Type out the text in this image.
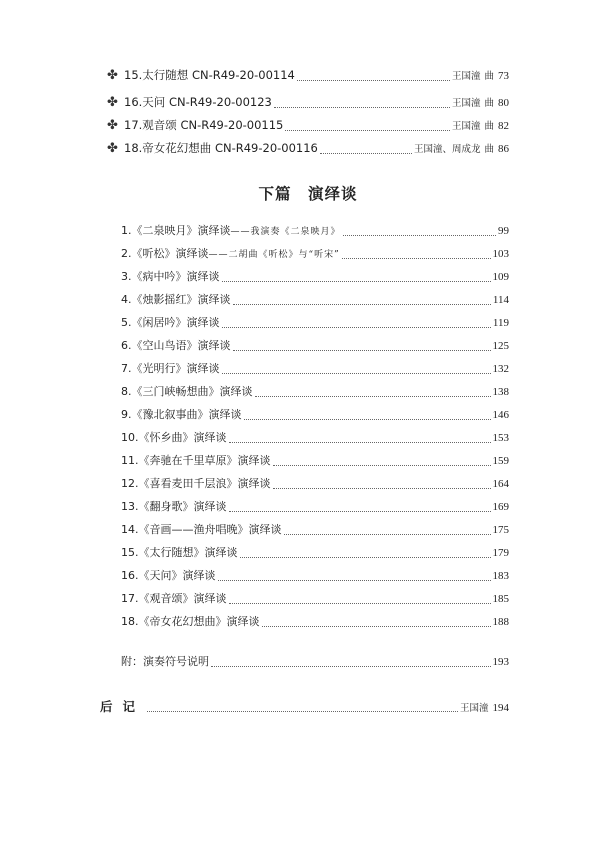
✤ 15. 太行随想 CN-R49-20-00114	王国潼 曲 73
✤ 16. 天问 CN-R49-20-00123	王国潼 曲 80
✤ 17. 观音颂 CN-R49-20-00115	王国潼 曲 82
✤ 18. 帝女花幻想曲 CN-R49-20-00116	王国潼、周成龙 曲 86
下篇　演绎谈
1. 《二泉映月》演绎谈 ——我演奏《二泉映月》	99
2. 《听松》演绎谈 ——二胡曲《听松》与“听宋”	103
3. 《病中吟》演绎谈	109
4. 《烛影摇红》演绎谈	114
5. 《闲居吟》演绎谈	119
6. 《空山鸟语》演绎谈	125
7. 《光明行》演绎谈	132
8. 《三门峡畅想曲》演绎谈	138
9. 《豫北叙事曲》演绎谈	146
10. 《怀乡曲》演绎谈	153
11. 《奔驰在千里草原》演绎谈	159
12. 《喜看麦田千层浪》演绎谈	164
13. 《翻身歌》演绎谈	169
14. 《音画——渔舟唱晚》演绎谈	175
15. 《太行随想》演绎谈	179
16. 《天问》演绎谈	183
17. 《观音颂》演绎谈	185
18. 《帝女花幻想曲》演绎谈	188
附：演奏符号说明	193
后记	王国潼 194
